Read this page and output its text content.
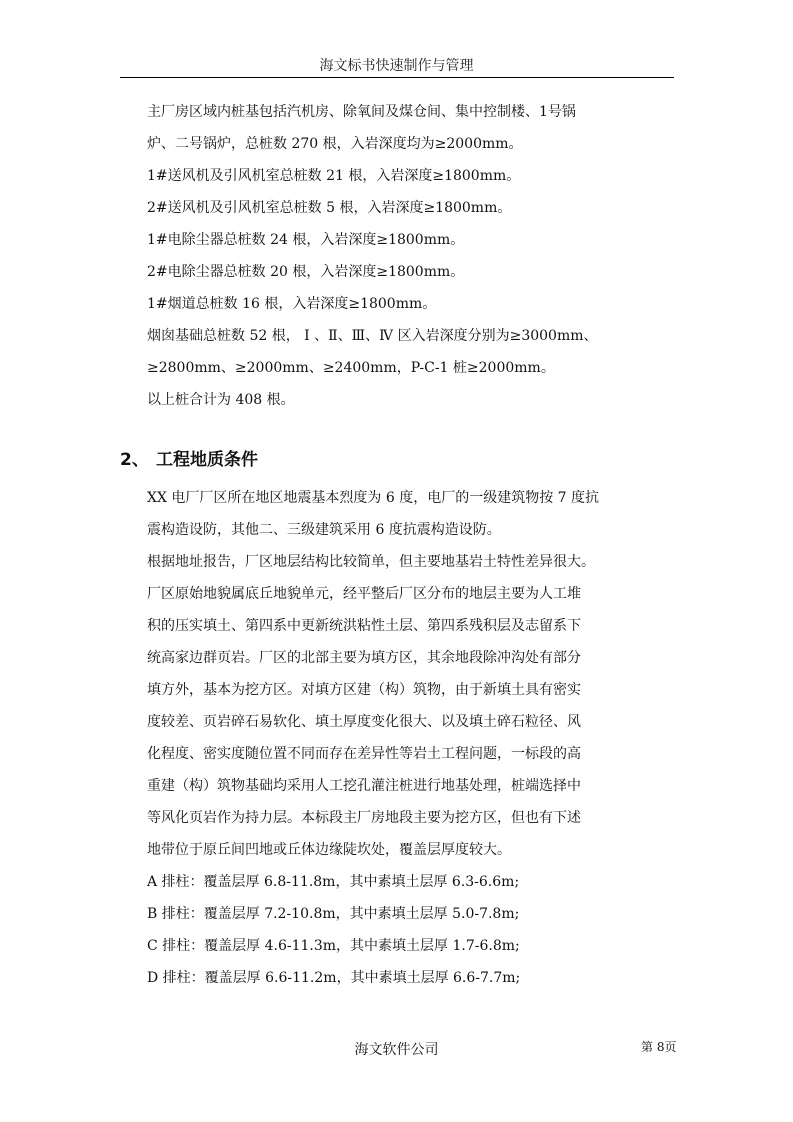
海文标书快速制作与管理

主厂房区域内桩基包括汽机房、除氧间及煤仓间、集中控制楼、1号锅

炉、二号锅炉，总桩数 270 根，入岩深度均为≥2000mm。

1#送风机及引风机室总桩数 21 根，入岩深度≥1800mm。

2#送风机及引风机室总桩数 5 根，入岩深度≥1800mm。

1#电除尘器总桩数 24 根，入岩深度≥1800mm。

2#电除尘器总桩数 20 根，入岩深度≥1800mm。

1#烟道总桩数 16 根，入岩深度≥1800mm。

烟囱基础总桩数 52 根， Ⅰ 、Ⅱ、Ⅲ、Ⅳ 区入岩深度分别为≥3000mm、

≥2800mm、≥2000mm、≥2400mm，P-C-1 桩≥2000mm。

以上桩合计为 408 根。

2、 工程地质条件

XX 电厂厂区所在地区地震基本烈度为 6 度，电厂的一级建筑物按 7 度抗

震构造设防，其他二、三级建筑采用 6 度抗震构造设防。

根据地址报告，厂区地层结构比较简单，但主要地基岩土特性差异很大。

厂区原始地貌属底丘地貌单元，经平整后厂区分布的地层主要为人工堆

积的压实填土、第四系中更新统洪粘性土层、第四系残积层及志留系下

统高家边群页岩。厂区的北部主要为填方区，其余地段除冲沟处有部分

填方外，基本为挖方区。对填方区建（构）筑物，由于新填土具有密实

度较差、页岩碎石易软化、填土厚度变化很大、以及填土碎石粒径、风

化程度、密实度随位置不同而存在差异性等岩土工程问题，一标段的高

重建（构）筑物基础均采用人工挖孔灌注桩进行地基处理，桩端选择中

等风化页岩作为持力层。本标段主厂房地段主要为挖方区，但也有下述

地带位于原丘间凹地或丘体边缘陡坎处，覆盖层厚度较大。

A 排柱：覆盖层厚 6.8-11.8m，其中素填土层厚 6.3-6.6m;

B 排柱：覆盖层厚 7.2-10.8m，其中素填土层厚 5.0-7.8m;

C 排柱：覆盖层厚 4.6-11.3m，其中素填土层厚 1.7-6.8m;

D 排柱：覆盖层厚 6.6-11.2m，其中素填土层厚 6.6-7.7m;

海文软件公司	第 8页
